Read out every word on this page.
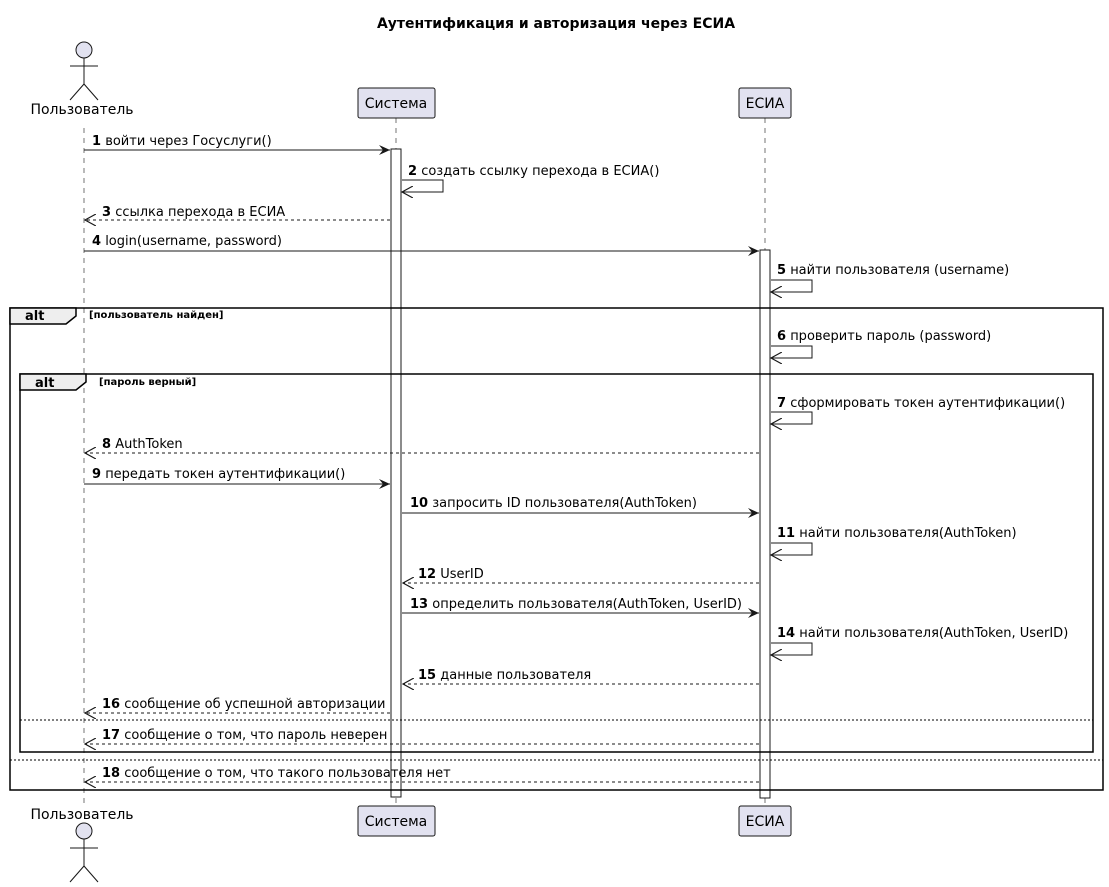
Аутентификация и авторизация через ЕСИА
Пользователь	Система	ЕСИА
Пользователь	Система	ЕСИА
alt	[пользователь найден]
alt	[пароль верный]
1 войти через Госуслуги()
2 создать ссылку перехода в ЕСИА()
3 ссылка перехода в ЕСИА
4 login(username, password)
5 найти пользователя (username)
6 проверить пароль (password)
7 сформировать токен аутентификации()
8 AuthToken
9 передать токен аутентификации()
10 запросить ID пользователя(AuthToken)
11 найти пользователя(AuthToken)
12 UserID
13 определить пользователя(AuthToken, UserID)
14 найти пользователя(AuthToken, UserID)
15 данные пользователя
16 сообщение об успешной авторизации
17 сообщение о том, что пароль неверен
18 сообщение о том, что такого пользователя нет
